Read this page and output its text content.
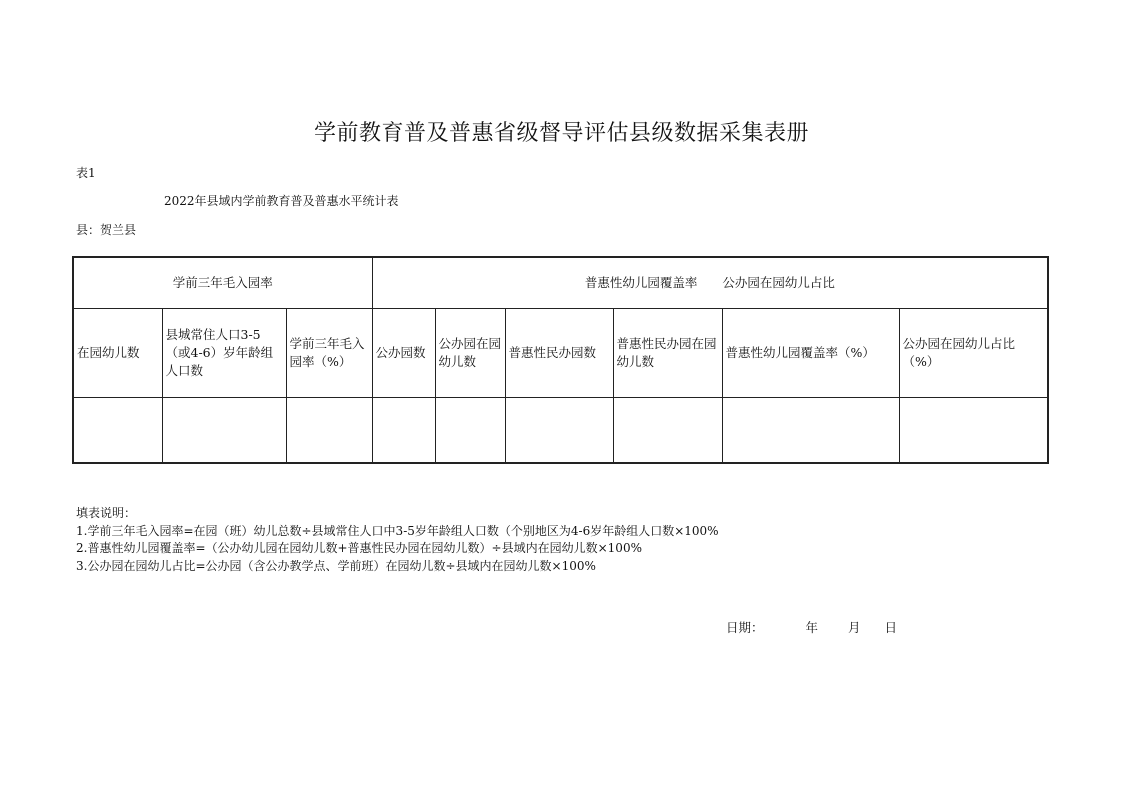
学前教育普及普惠省级督导评估县级数据采集表册
表1
2022年县域内学前教育普及普惠水平统计表
县：贺兰县
学前三年毛入园率			普惠性幼儿园覆盖率　　公办园在园幼儿占比					
在园幼儿数	县城常住人口3-5（或4-6）岁年龄组人口数	学前三年毛入园率（%）	公办园数	公办园在园幼儿数	普惠性民办园数	普惠性民办园在园幼儿数	普惠性幼儿园覆盖率（%）	公办园在园幼儿占比（%）

填表说明：
1.学前三年毛入园率=在园（班）幼儿总数÷县域常住人口中3-5岁年龄组人口数（个别地区为4-6岁年龄组人口数×100%
2.普惠性幼儿园覆盖率=（公办幼儿园在园幼儿数+普惠性民办园在园幼儿数）÷县域内在园幼儿数×100%
3.公办园在园幼儿占比=公办园（含公办教学点、学前班）在园幼儿数÷县域内在园幼儿数×100%
日期：	年 月 日
